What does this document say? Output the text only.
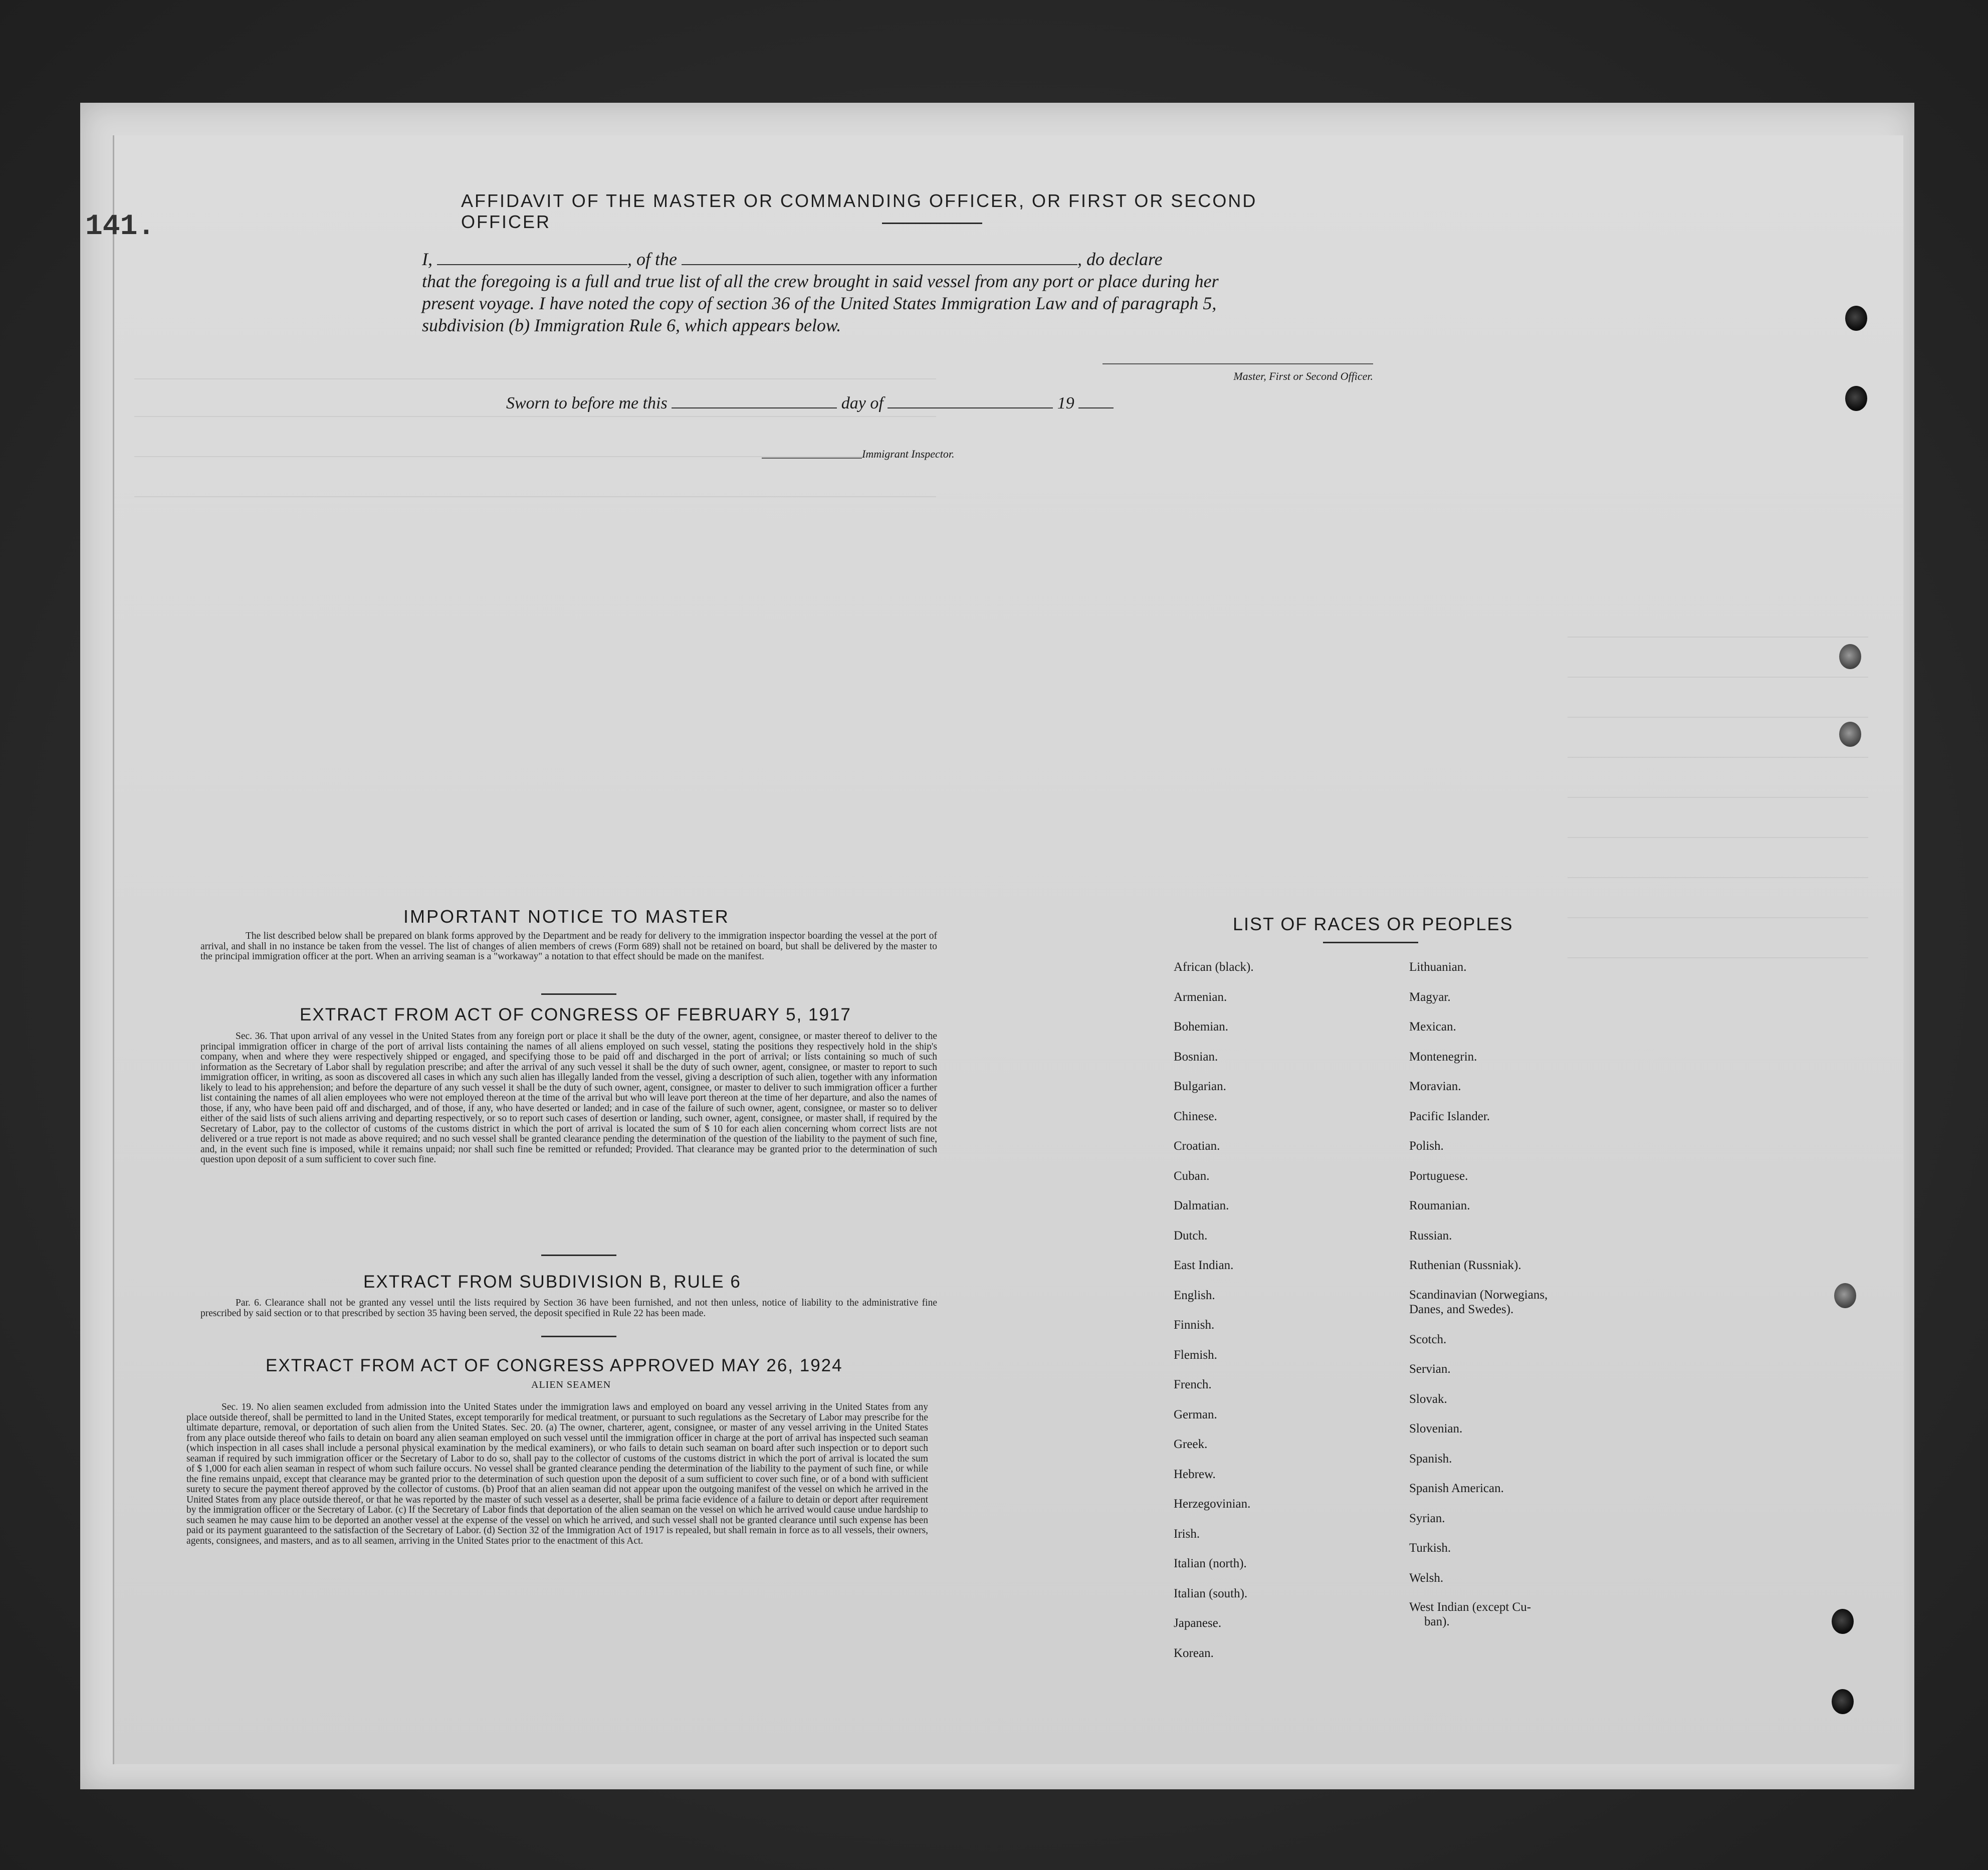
141.
AFFIDAVIT OF THE MASTER OR COMMANDING OFFICER, OR FIRST OR SECOND OFFICER
I,	, of the	, do declare
that the foregoing is a full and true list of all the crew brought in said vessel from any port or place during her
present voyage. I have noted the copy of section 36 of the United States Immigration Law and of paragraph 5,
subdivision (b) Immigration Rule 6, which appears below.
Master, First or Second Officer.
Sworn to before me this	day of	19
Immigrant Inspector.
IMPORTANT NOTICE TO MASTER
The list described below shall be prepared on blank forms approved by the Department and be ready for delivery to the immigration inspector boarding the vessel at the port of arrival, and shall in no instance be taken from the vessel. The list of changes of alien members of crews (Form 689) shall not be retained on board, but shall be delivered by the master to the principal immigration officer at the port. When an arriving seaman is a "workaway" a notation to that effect should be made on the manifest.
EXTRACT FROM ACT OF CONGRESS OF FEBRUARY 5, 1917
Sec. 36. That upon arrival of any vessel in the United States from any foreign port or place it shall be the duty of the owner, agent, consignee, or master thereof to deliver to the principal immigration officer in charge of the port of arrival lists containing the names of all aliens employed on such vessel, stating the positions they respectively hold in the ship's company, when and where they were respectively shipped or engaged, and specifying those to be paid off and discharged in the port of arrival; or lists containing so much of such information as the Secretary of Labor shall by regulation prescribe; and after the arrival of any such vessel it shall be the duty of such owner, agent, consignee, or master to report to such immigration officer, in writing, as soon as discovered all cases in which any such alien has illegally landed from the vessel, giving a description of such alien, together with any information likely to lead to his apprehension; and before the departure of any such vessel it shall be the duty of such owner, agent, consignee, or master to deliver to such immigration officer a further list containing the names of all alien employees who were not employed thereon at the time of the arrival but who will leave port thereon at the time of her departure, and also the names of those, if any, who have been paid off and discharged, and of those, if any, who have deserted or landed; and in case of the failure of such owner, agent, consignee, or master so to deliver either of the said lists of such aliens arriving and departing respectively, or so to report such cases of desertion or landing, such owner, agent, consignee, or master shall, if required by the Secretary of Labor, pay to the collector of customs of the customs district in which the port of arrival is located the sum of $ 10 for each alien concerning whom correct lists are not delivered or a true report is not made as above required; and no such vessel shall be granted clearance pending the determination of the question of the liability to the payment of such fine, and, in the event such fine is imposed, while it remains unpaid; nor shall such fine be remitted or refunded; Provided. That clearance may be granted prior to the determination of such question upon deposit of a sum sufficient to cover such fine.
EXTRACT FROM SUBDIVISION B, RULE 6
Par. 6. Clearance shall not be granted any vessel until the lists required by Section 36 have been furnished, and not then unless, notice of liability to the administrative fine prescribed by said section or to that prescribed by section 35 having been served, the deposit specified in Rule 22 has been made.
EXTRACT FROM ACT OF CONGRESS APPROVED MAY 26, 1924
ALIEN SEAMEN
Sec. 19. No alien seamen excluded from admission into the United States under the immigration laws and employed on board any vessel arriving in the United States from any place outside thereof, shall be permitted to land in the United States, except temporarily for medical treatment, or pursuant to such regulations as the Secretary of Labor may prescribe for the ultimate departure, removal, or deportation of such alien from the United States. Sec. 20. (a) The owner, charterer, agent, consignee, or master of any vessel arriving in the United States from any place outside thereof who fails to detain on board any alien seaman employed on such vessel until the immigration officer in charge at the port of arrival has inspected such seaman (which inspection in all cases shall include a personal physical examination by the medical examiners), or who fails to detain such seaman on board after such inspection or to deport such seaman if required by such immigration officer or the Secretary of Labor to do so, shall pay to the collector of customs of the customs district in which the port of arrival is located the sum of $ 1,000 for each alien seaman in respect of whom such failure occurs. No vessel shall be granted clearance pending the determination of the liability to the payment of such fine, or while the fine remains unpaid, except that clearance may be granted prior to the determination of such question upon the deposit of a sum sufficient to cover such fine, or of a bond with sufficient surety to secure the payment thereof approved by the collector of customs. (b) Proof that an alien seaman did not appear upon the outgoing manifest of the vessel on which he arrived in the United States from any place outside thereof, or that he was reported by the master of such vessel as a deserter, shall be prima facie evidence of a failure to detain or deport after requirement by the immigration officer or the Secretary of Labor. (c) If the Secretary of Labor finds that deportation of the alien seaman on the vessel on which he arrived would cause undue hardship to such seamen he may cause him to be deported an another vessel at the expense of the vessel on which he arrived, and such vessel shall not be granted clearance until such expense has been paid or its payment guaranteed to the satisfaction of the Secretary of Labor. (d) Section 32 of the Immigration Act of 1917 is repealed, but shall remain in force as to all vessels, their owners, agents, consignees, and masters, and as to all seamen, arriving in the United States prior to the enactment of this Act.
LIST OF RACES OR PEOPLES
African (black).
Armenian.
Bohemian.
Bosnian.
Bulgarian.
Chinese.
Croatian.
Cuban.
Dalmatian.
Dutch.
East Indian.
English.
Finnish.
Flemish.
French.
German.
Greek.
Hebrew.
Herzegovinian.
Irish.
Italian (north).
Italian (south).
Japanese.
Korean.
Lithuanian.
Magyar.
Mexican.
Montenegrin.
Moravian.
Pacific Islander.
Polish.
Portuguese.
Roumanian.
Russian.
Ruthenian (Russniak).
Scandinavian (Norwegians,
Danes, and Swedes).
Scotch.
Servian.
Slovak.
Slovenian.
Spanish.
Spanish American.
Syrian.
Turkish.
Welsh.
West Indian (except Cu-
ban).
